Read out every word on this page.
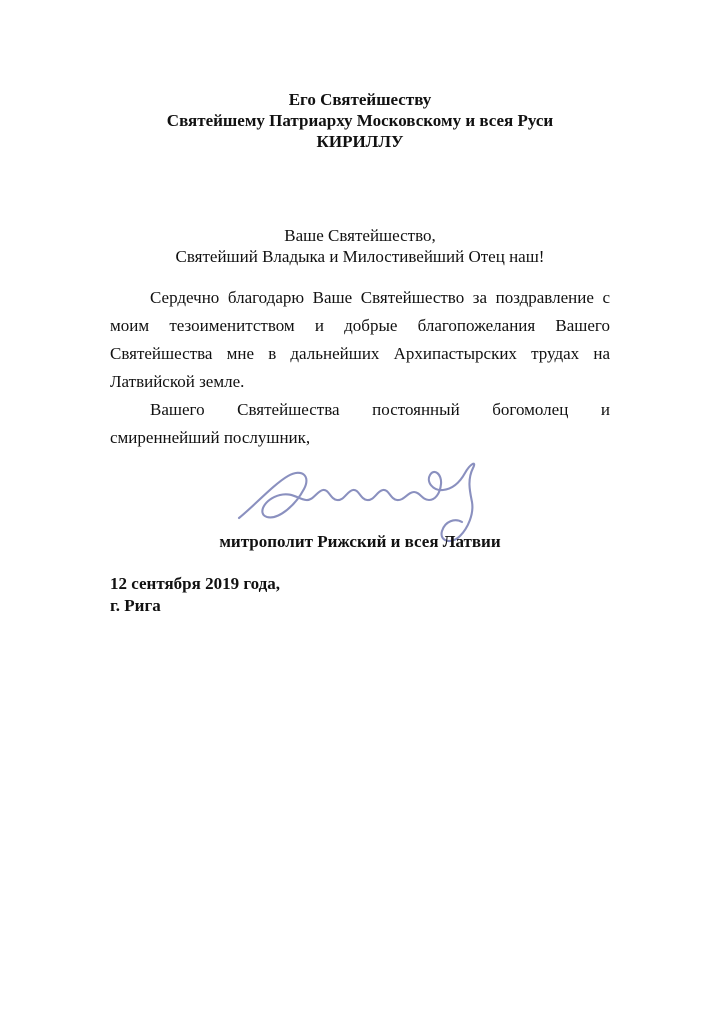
Его Святейшеству
Святейшему Патриарху Московскому и всея Руси
КИРИЛЛУ
Ваше Святейшество,
Святейший Владыка и Милостивейший Отец наш!
Сердечно благодарю Ваше Святейшество за поздравление с
моим тезоименитством и добрые благопожелания Вашего
Святейшества мне в дальнейших Архипастырских трудах на
Латвийской земле.
Вашего Святейшества постоянный богомолец и
смиреннейший послушник,
митрополит Рижский и всея Латвии
12 сентября 2019 года,
г. Рига
